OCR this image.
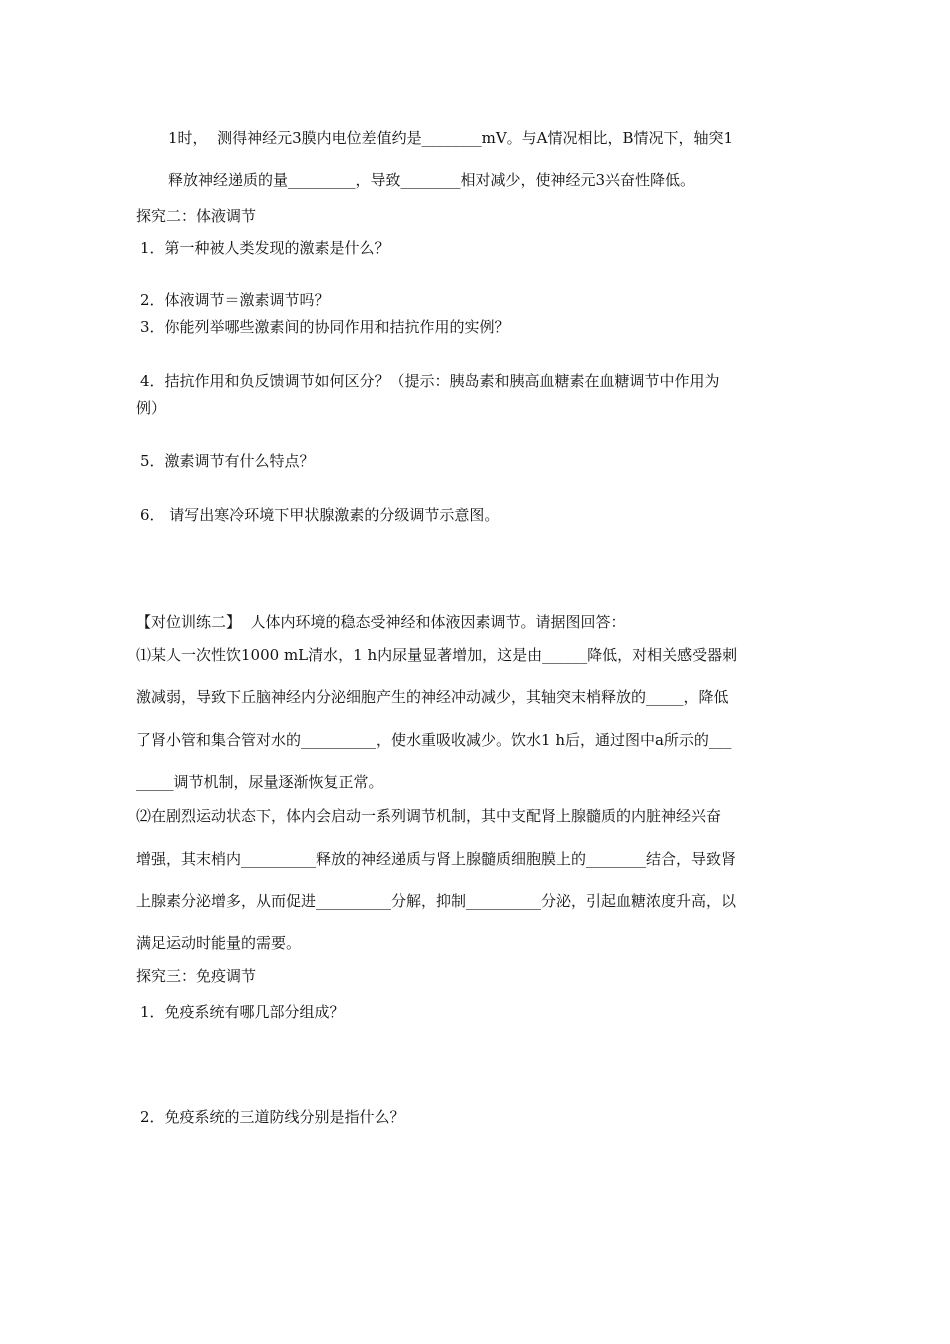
1时，  测得神经元3膜内电位差值约是________mV。与A情况相比，B情况下，轴突1
释放神经递质的量_________，导致________相对减少，使神经元3兴奋性降低。
探究二：体液调节
1．第一种被人类发现的激素是什么？
2．体液调节＝激素调节吗？
3．你能列举哪些激素间的协同作用和拮抗作用的实例？
4．拮抗作用和负反馈调节如何区分？（提示：胰岛素和胰高血糖素在血糖调节中作用为
例）
5．激素调节有什么特点？
6． 请写出寒冷环境下甲状腺激素的分级调节示意图。
【对位训练二】  人体内环境的稳态受神经和体液因素调节。请据图回答：
⑴某人一次性饮1000 mL清水，1 h内尿量显著增加，这是由______降低，对相关感受器刺
激减弱，导致下丘脑神经内分泌细胞产生的神经冲动减少，其轴突末梢释放的_____，降低
了肾小管和集合管对水的__________，使水重吸收减少。饮水1 h后，通过图中a所示的___
_____调节机制，尿量逐渐恢复正常。
⑵在剧烈运动状态下，体内会启动一系列调节机制，其中支配肾上腺髓质的内脏神经兴奋
增强，其末梢内__________释放的神经递质与肾上腺髓质细胞膜上的________结合，导致肾
上腺素分泌增多，从而促进__________分解，抑制__________分泌，引起血糖浓度升高，以
满足运动时能量的需要。
探究三：免疫调节
1．免疫系统有哪几部分组成？
2．免疫系统的三道防线分别是指什么？
